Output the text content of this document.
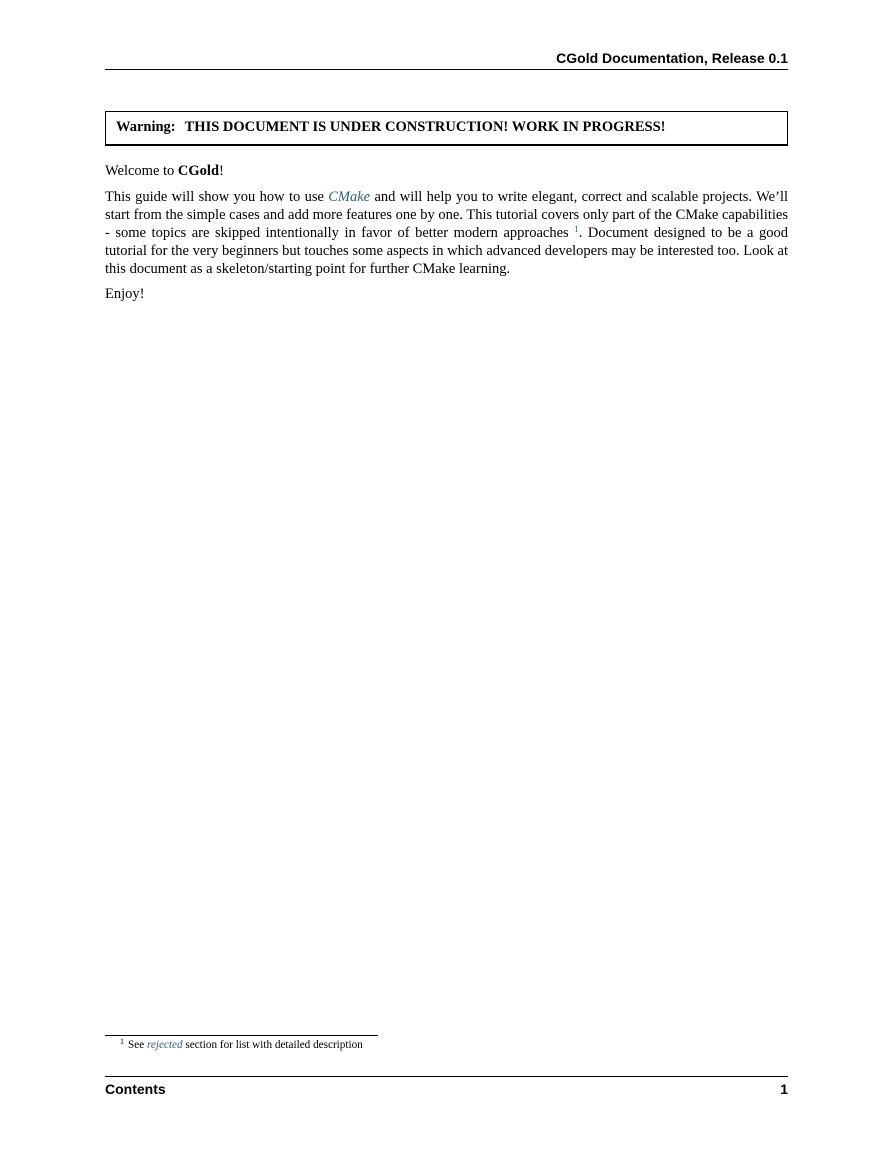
CGold Documentation, Release 0.1
Warning: THIS DOCUMENT IS UNDER CONSTRUCTION! WORK IN PROGRESS!

Welcome to CGold!

This guide will show you how to use CMake and will help you to write elegant, correct and scalable projects. We’ll start from the simple cases and add more features one by one. This tutorial covers only part of the CMake capabilities - some topics are skipped intentionally in favor of better modern approaches $^1$. Document designed to be a good tutorial for the very beginners but touches some aspects in which advanced developers may be interested too. Look at this document as a skeleton/starting point for further CMake learning.

Enjoy!

$^1$ See rejected section for list with detailed description
Contents	1
